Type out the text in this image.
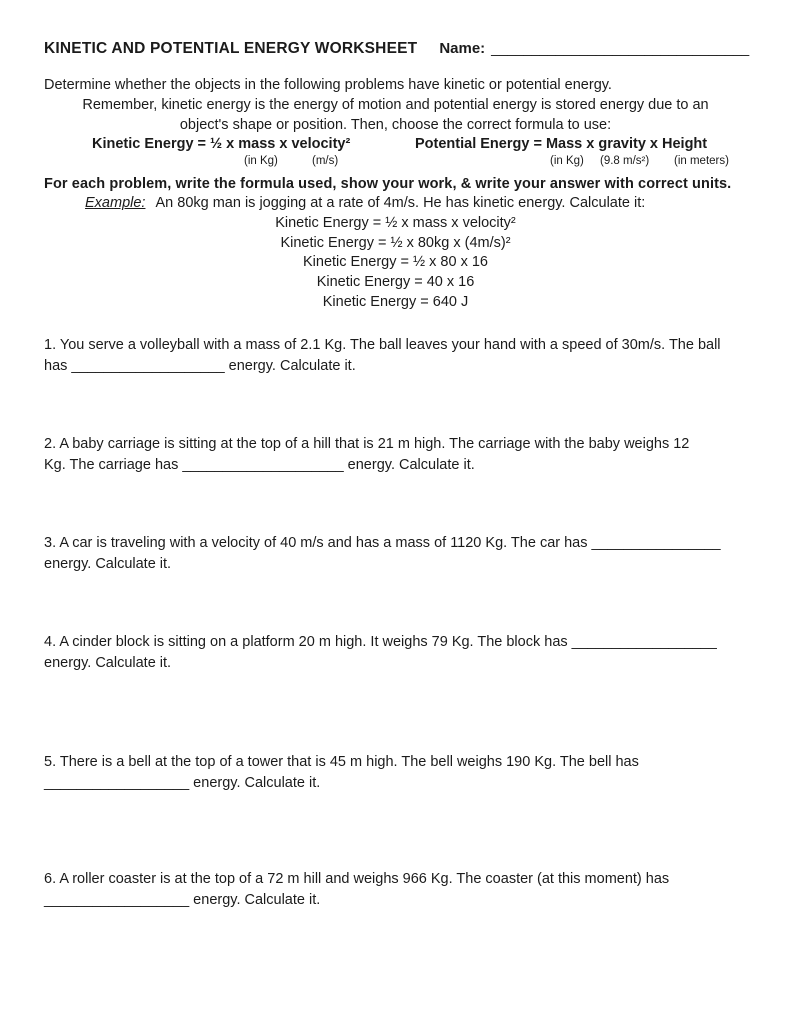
KINETIC AND POTENTIAL ENERGY WORKSHEET Name: ________________________________
Determine whether the objects in the following problems have kinetic or potential energy.
Remember, kinetic energy is the energy of motion and potential energy is stored energy due to an
object's shape or position. Then, choose the correct formula to use:
Kinetic Energy = ½ x mass x velocity²	Potential Energy = Mass x gravity x Height
(in Kg)	(m/s)	(in Kg) (9.8 m/s²) (in meters)
For each problem, write the formula used, show your work, & write your answer with correct units.
Example: An 80kg man is jogging at a rate of 4m/s. He has kinetic energy. Calculate it:
Kinetic Energy = ½ x mass x velocity²
Kinetic Energy = ½ x 80kg x (4m/s)²
Kinetic Energy = ½ x 80 x 16
Kinetic Energy = 40 x 16
Kinetic Energy = 640 J
1. You serve a volleyball with a mass of 2.1 Kg. The ball leaves your hand with a speed of 30m/s. The ball
has ___________________ energy. Calculate it.
2. A baby carriage is sitting at the top of a hill that is 21 m high. The carriage with the baby weighs 12
Kg. The carriage has ____________________ energy. Calculate it.
3. A car is traveling with a velocity of 40 m/s and has a mass of 1120 Kg. The car has ________________
energy. Calculate it.
4. A cinder block is sitting on a platform 20 m high. It weighs 79 Kg. The block has __________________
energy. Calculate it.
5. There is a bell at the top of a tower that is 45 m high. The bell weighs 190 Kg. The bell has
__________________ energy. Calculate it.
6. A roller coaster is at the top of a 72 m hill and weighs 966 Kg. The coaster (at this moment) has
__________________ energy. Calculate it.
